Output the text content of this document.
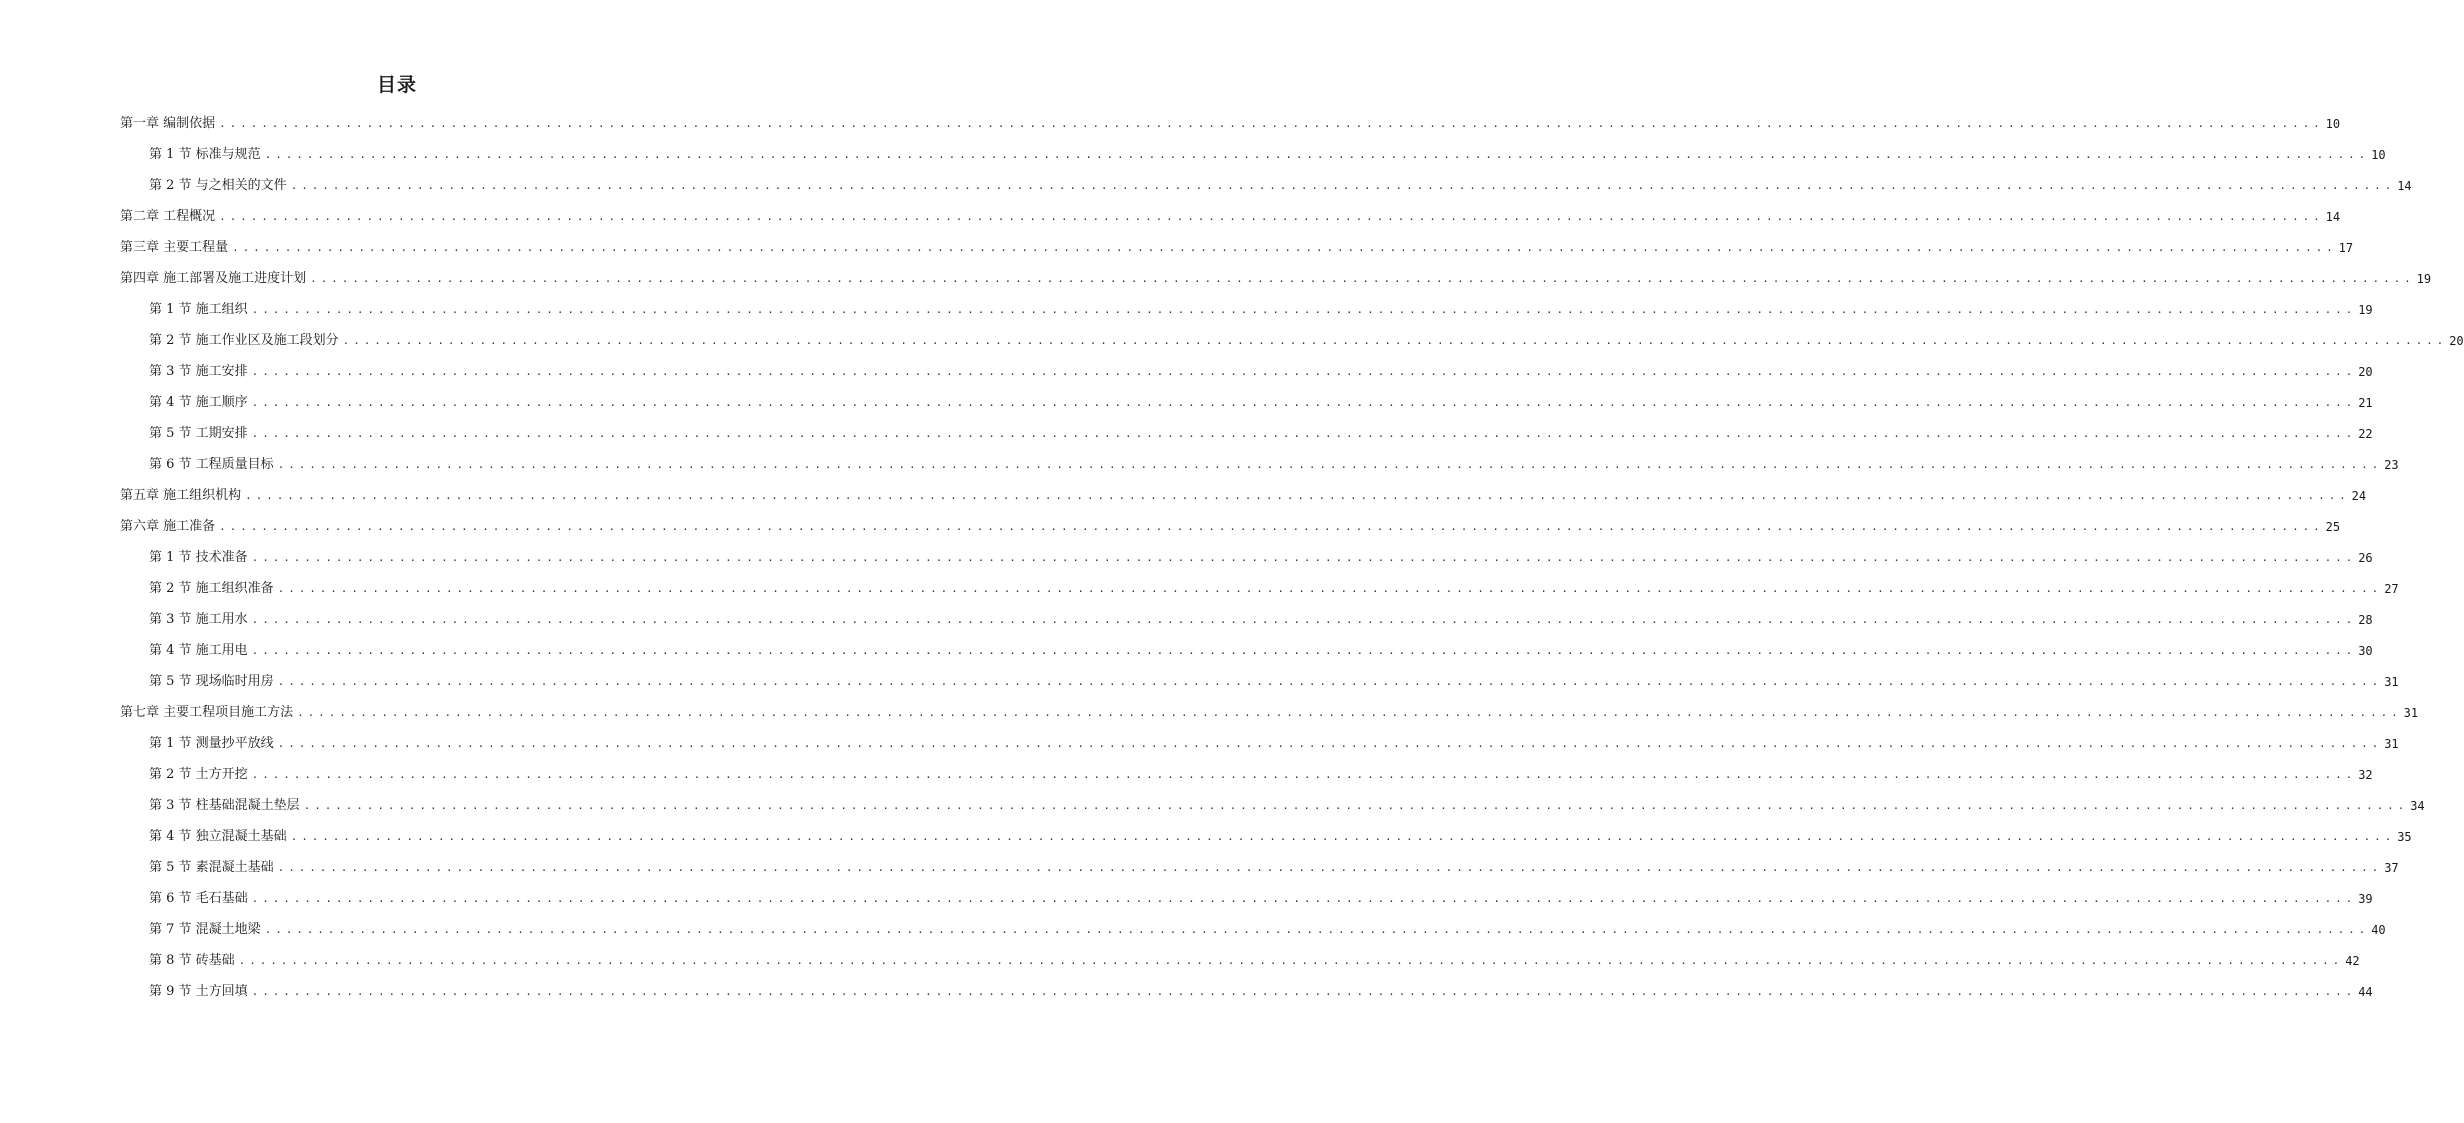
目录
第一章 编制依据 ........................................................................................................................................................................................................ 10
第 1 节 标准与规范 ........................................................................................................................................................................................................ 10
第 2 节 与之相关的文件 ........................................................................................................................................................................................................ 14
第二章 工程概况 ........................................................................................................................................................................................................ 14
第三章 主要工程量 ........................................................................................................................................................................................................ 17
第四章 施工部署及施工进度计划 ........................................................................................................................................................................................................ 19
第 1 节 施工组织 ........................................................................................................................................................................................................ 19
第 2 节 施工作业区及施工段划分 ........................................................................................................................................................................................................ 20
第 3 节 施工安排 ........................................................................................................................................................................................................ 20
第 4 节 施工顺序 ........................................................................................................................................................................................................ 21
第 5 节 工期安排 ........................................................................................................................................................................................................ 22
第 6 节 工程质量目标 ........................................................................................................................................................................................................ 23
第五章 施工组织机构 ........................................................................................................................................................................................................ 24
第六章 施工准备 ........................................................................................................................................................................................................ 25
第 1 节 技术准备 ........................................................................................................................................................................................................ 26
第 2 节 施工组织准备 ........................................................................................................................................................................................................ 27
第 3 节 施工用水 ........................................................................................................................................................................................................ 28
第 4 节 施工用电 ........................................................................................................................................................................................................ 30
第 5 节 现场临时用房 ........................................................................................................................................................................................................ 31
第七章 主要工程项目施工方法 ........................................................................................................................................................................................................ 31
第 1 节 测量抄平放线 ........................................................................................................................................................................................................ 31
第 2 节 土方开挖 ........................................................................................................................................................................................................ 32
第 3 节 柱基础混凝土垫层 ........................................................................................................................................................................................................ 34
第 4 节 独立混凝土基础 ........................................................................................................................................................................................................ 35
第 5 节 素混凝土基础 ........................................................................................................................................................................................................ 37
第 6 节 毛石基础 ........................................................................................................................................................................................................ 39
第 7 节 混凝土地梁 ........................................................................................................................................................................................................ 40
第 8 节 砖基础 ........................................................................................................................................................................................................ 42
第 9 节 土方回填 ........................................................................................................................................................................................................ 44
